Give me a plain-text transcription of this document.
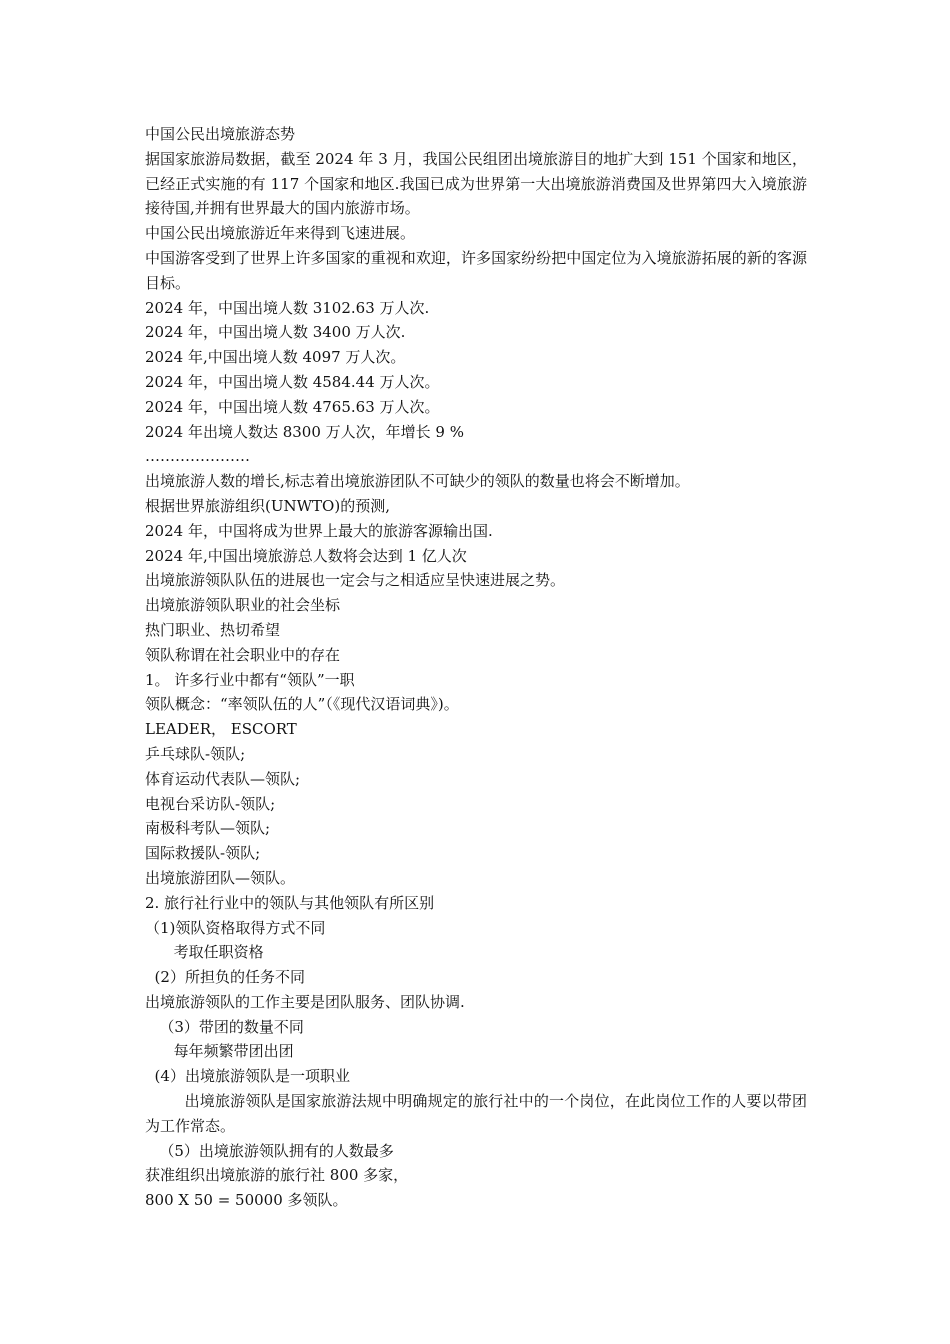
中国公民出境旅游态势

据国家旅游局数据，截至 2024 年 3 月，我国公民组团出境旅游目的地扩大到 151 个国家和地区，已经正式实施的有 117 个国家和地区.我国已成为世界第一大出境旅游消费国及世界第四大入境旅游接待国,并拥有世界最大的国内旅游市场。

中国公民出境旅游近年来得到飞速进展。

中国游客受到了世界上许多国家的重视和欢迎，许多国家纷纷把中国定位为入境旅游拓展的新的客源目标。

2024 年，中国出境人数 3102.63 万人次.

2024 年，中国出境人数 3400 万人次.

2024 年,中国出境人数 4097 万人次。

2024 年，中国出境人数 4584.44 万人次。

2024 年，中国出境人数 4765.63 万人次。

2024 年出境人数达 8300 万人次，年增长 9 %

…………………

出境旅游人数的增长,标志着出境旅游团队不可缺少的领队的数量也将会不断增加。

根据世界旅游组织(UNWTO)的预测,

2024 年，中国将成为世界上最大的旅游客源输出国.

2024 年,中国出境旅游总人数将会达到 1 亿人次

出境旅游领队队伍的进展也一定会与之相适应呈快速进展之势。

出境旅游领队职业的社会坐标

热门职业、热切希望

领队称谓在社会职业中的存在

1。 许多行业中都有“领队”一职

领队概念：“率领队伍的人”（《现代汉语词典》)。

LEADER， ESCORT

乒乓球队-领队;

体育运动代表队—领队;

电视台采访队-领队;

南极科考队—领队;

国际救援队-领队;

出境旅游团队—领队。

2. 旅行社行业中的领队与其他领队有所区别

（1)领队资格取得方式不同

考取任职资格

(2）所担负的任务不同

出境旅游领队的工作主要是团队服务、团队协调.

（3）带团的数量不同

每年频繁带团出团

(4）出境旅游领队是一项职业

出境旅游领队是国家旅游法规中明确规定的旅行社中的一个岗位，在此岗位工作的人要以带团为工作常态。

（5）出境旅游领队拥有的人数最多

获准组织出境旅游的旅行社 800 多家，

800 X 50 = 50000 多领队。
